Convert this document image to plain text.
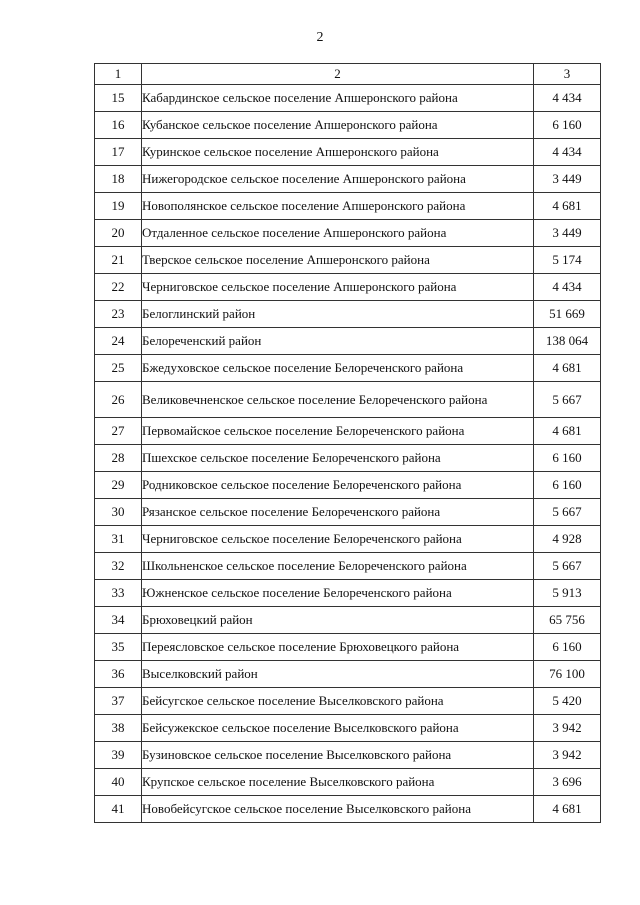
2
1	2	3
15	Кабардинское сельское поселение Апшеронского района	4 434
16	Кубанское сельское поселение Апшеронского района	6 160
17	Куринское сельское поселение Апшеронского района	4 434
18	Нижегородское сельское поселение Апшеронского района	3 449
19	Новополянское сельское поселение Апшеронского района	4 681
20	Отдаленное сельское поселение Апшеронского района	3 449
21	Тверское сельское поселение Апшеронского района	5 174
22	Черниговское сельское поселение Апшеронского района	4 434
23	Белоглинский район	51 669
24	Белореченский район	138 064
25	Бжедуховское сельское поселение Белореченского района	4 681
26	Великовечненское сельское поселение Белореченского района	5 667
27	Первомайское сельское поселение Белореченского района	4 681
28	Пшехское сельское поселение Белореченского района	6 160
29	Родниковское сельское поселение Белореченского района	6 160
30	Рязанское сельское поселение Белореченского района	5 667
31	Черниговское сельское поселение Белореченского района	4 928
32	Школьненское сельское поселение Белореченского района	5 667
33	Южненское сельское поселение Белореченского района	5 913
34	Брюховецкий район	65 756
35	Переясловское сельское поселение Брюховецкого района	6 160
36	Выселковский район	76 100
37	Бейсугское сельское поселение Выселковского района	5 420
38	Бейсужекское сельское поселение Выселковского района	3 942
39	Бузиновское сельское поселение Выселковского района	3 942
40	Крупское сельское поселение Выселковского района	3 696
41	Новобейсугское сельское поселение Выселковского района	4 681
